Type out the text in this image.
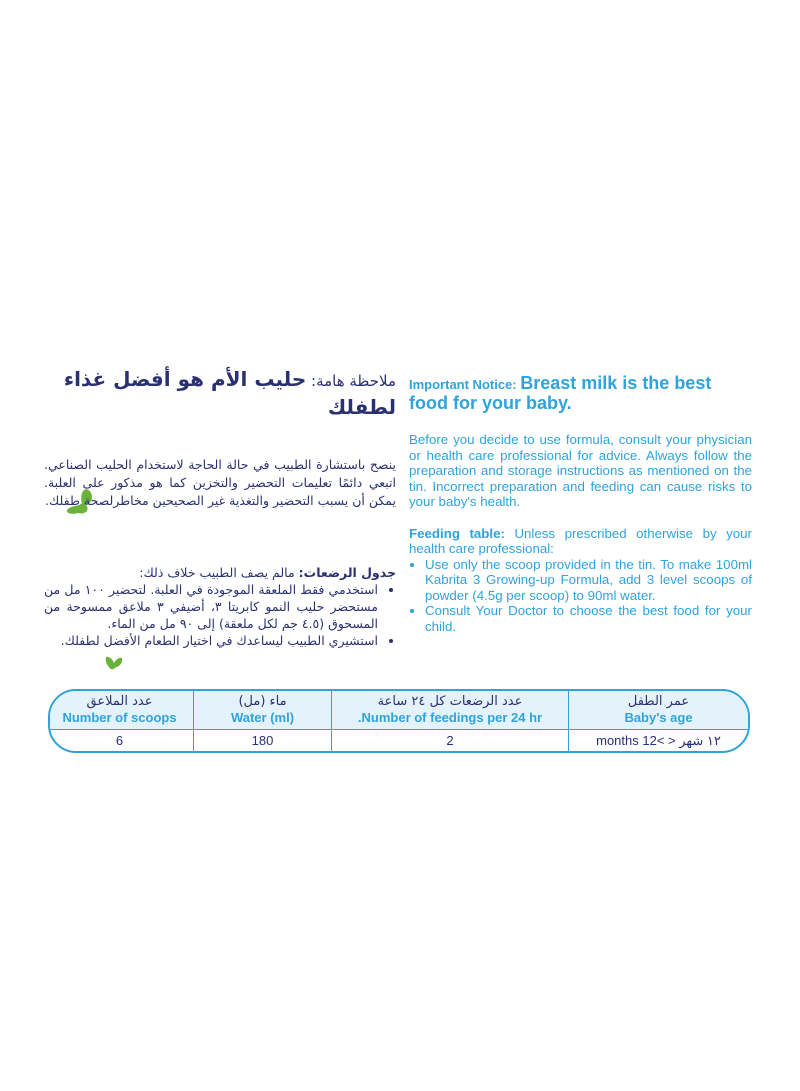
ملاحظة هامة: حليب الأم هو أفضل غذاء لطفلك
ينصح باستشارة الطبيب في حالة الحاجة لاستخدام الحليب الصناعي. اتبعي دائمًا تعليمات التحضير والتخزين كما هو مذكور على العلبة. يمكن أن يسبب التحضير والتغذية غير الصحيحين مخاطرلصحة طفلك.
جدول الرضعات: مالم يصف الطبيب خلاف ذلك:
• استخدمي فقط الملعقة الموجودة في العلبة. لتحضير ١٠٠ مل من مستحضر حليب النمو كابريتا ٣، أضيفي ٣ ملاعق ممسوحة من المسحوق (٤.٥ جم لكل ملعقة) إلى ٩٠ مل من الماء.
• استشيري الطبيب ليساعدك في اختيار الطعام الأفضل لطفلك.
Important Notice: Breast milk is the best food for your baby.
Before you decide to use formula, consult your physician or health care professional for advice. Always follow the preparation and storage instructions as mentioned on the tin. Incorrect preparation and feeding can cause risks to your baby's health.
Feeding table: Unless prescribed otherwise by your health care professional:
• Use only the scoop provided in the tin. To make 100ml Kabrita 3 Growing-up Formula, add 3 level scoops of powder (4.5g per scoop) to 90ml water.
• Consult Your Doctor to choose the best food for your child.
عمر الطفل
Baby's age
١٢ شهر < >12 months
عدد الرضعات كل ٢٤ ساعة
Number of feedings per 24 hr.
2
ماء (مل)
Water (ml)
180
عدد الملاعق
Number of scoops
6
